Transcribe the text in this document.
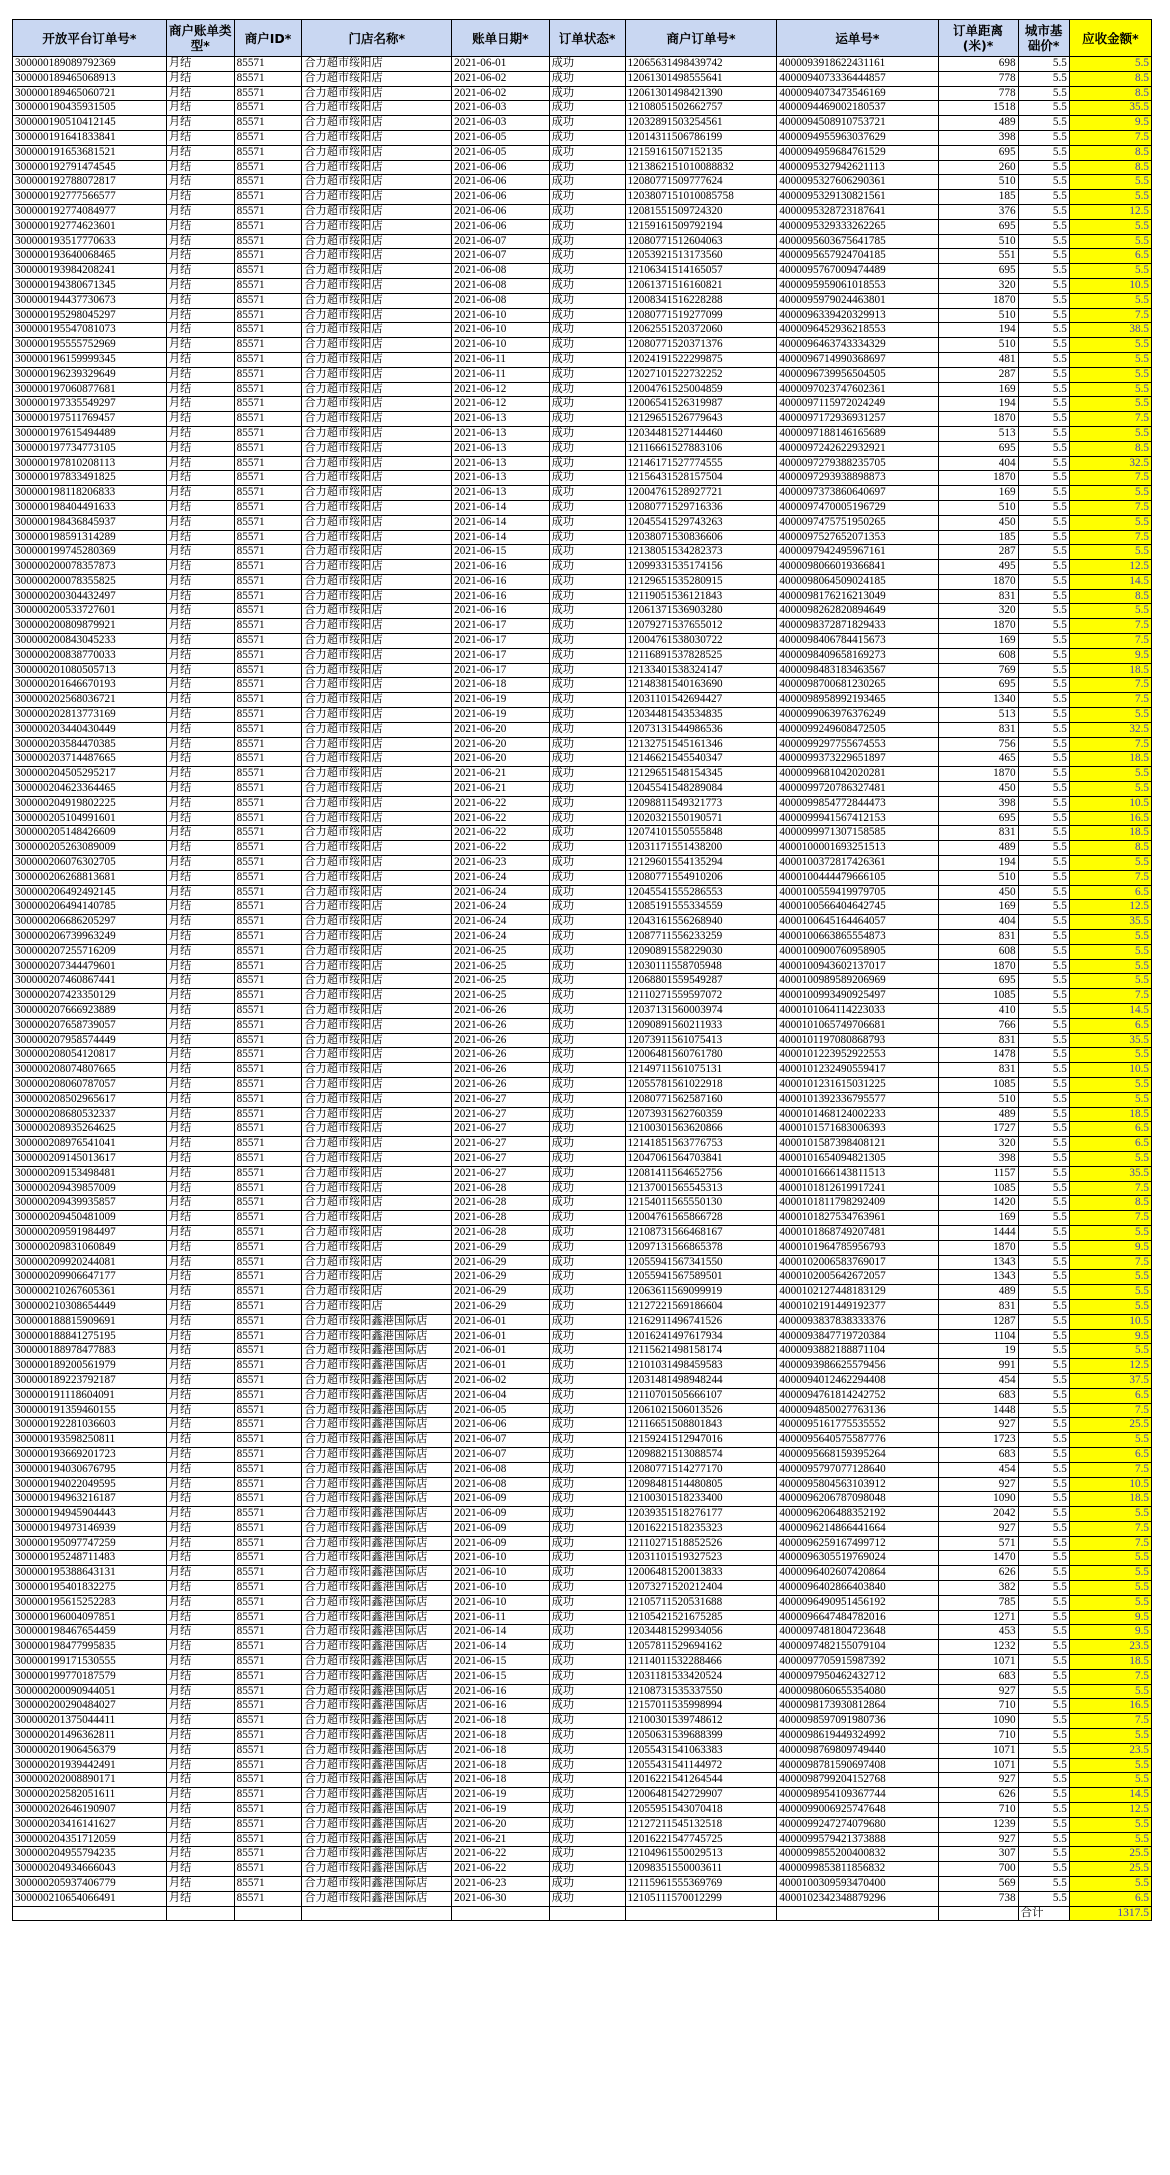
开放平台订单号*	商户账单类型*	商户ID*	门店名称*	账单日期*	订单状态*	商户订单号*	运单号*	订单距离(米)*	城市基础价*	应收金额*
300000189089792369	月结	85571	合力超市绥阳店	2021-06-01	成功	12065631498439742	4000093918622431161	698	5.5	5.5
300000189465068913	月结	85571	合力超市绥阳店	2021-06-02	成功	12061301498555641	4000094073336444857	778	5.5	8.5
300000189465060721	月结	85571	合力超市绥阳店	2021-06-02	成功	12061301498421390	4000094073473546169	778	5.5	8.5
300000190435931505	月结	85571	合力超市绥阳店	2021-06-03	成功	12108051502662757	4000094469002180537	1518	5.5	35.5
300000190510412145	月结	85571	合力超市绥阳店	2021-06-03	成功	12032891503254561	4000094508910753721	489	5.5	9.5
300000191641833841	月结	85571	合力超市绥阳店	2021-06-05	成功	12014311506786199	4000094955963037629	398	5.5	7.5
300000191653681521	月结	85571	合力超市绥阳店	2021-06-05	成功	12159161507152135	4000094959684761529	695	5.5	8.5
300000192791474545	月结	85571	合力超市绥阳店	2021-06-06	成功	1213862151010088832	4000095327942621113	260	5.5	8.5
300000192788072817	月结	85571	合力超市绥阳店	2021-06-06	成功	12080771509777624	4000095327606290361	510	5.5	5.5
300000192777566577	月结	85571	合力超市绥阳店	2021-06-06	成功	1203807151010085758	4000095329130821561	185	5.5	5.5
300000192774084977	月结	85571	合力超市绥阳店	2021-06-06	成功	12081551509724320	4000095328723187641	376	5.5	12.5
300000192774623601	月结	85571	合力超市绥阳店	2021-06-06	成功	12159161509792194	4000095329333262265	695	5.5	5.5
300000193517770633	月结	85571	合力超市绥阳店	2021-06-07	成功	12080771512604063	4000095603675641785	510	5.5	5.5
300000193640068465	月结	85571	合力超市绥阳店	2021-06-07	成功	12053921513173560	4000095657924704185	551	5.5	6.5
300000193984208241	月结	85571	合力超市绥阳店	2021-06-08	成功	12106341514165057	4000095767009474489	695	5.5	5.5
300000194380671345	月结	85571	合力超市绥阳店	2021-06-08	成功	12061371516160821	4000095959061018553	320	5.5	10.5
300000194437730673	月结	85571	合力超市绥阳店	2021-06-08	成功	12008341516228288	4000095979024463801	1870	5.5	5.5
300000195298045297	月结	85571	合力超市绥阳店	2021-06-10	成功	12080771519277099	4000096339420329913	510	5.5	7.5
300000195547081073	月结	85571	合力超市绥阳店	2021-06-10	成功	12062551520372060	4000096452936218553	194	5.5	38.5
300000195555752969	月结	85571	合力超市绥阳店	2021-06-10	成功	12080771520371376	4000096463743334329	510	5.5	5.5
300000196159999345	月结	85571	合力超市绥阳店	2021-06-11	成功	12024191522299875	4000096714990368697	481	5.5	5.5
300000196239329649	月结	85571	合力超市绥阳店	2021-06-11	成功	12027101522732252	4000096739956504505	287	5.5	5.5
300000197060877681	月结	85571	合力超市绥阳店	2021-06-12	成功	12004761525004859	4000097023747602361	169	5.5	5.5
300000197335549297	月结	85571	合力超市绥阳店	2021-06-12	成功	12006541526319987	4000097115972024249	194	5.5	5.5
300000197511769457	月结	85571	合力超市绥阳店	2021-06-13	成功	12129651526779643	4000097172936931257	1870	5.5	7.5
300000197615494489	月结	85571	合力超市绥阳店	2021-06-13	成功	12034481527144460	4000097188146165689	513	5.5	5.5
300000197734773105	月结	85571	合力超市绥阳店	2021-06-13	成功	12116661527883106	4000097242622932921	695	5.5	8.5
300000197810208113	月结	85571	合力超市绥阳店	2021-06-13	成功	12146171527774555	4000097279388235705	404	5.5	32.5
300000197833491825	月结	85571	合力超市绥阳店	2021-06-13	成功	12156431528157504	4000097293938898873	1870	5.5	7.5
300000198118206833	月结	85571	合力超市绥阳店	2021-06-13	成功	12004761528927721	4000097373860640697	169	5.5	5.5
300000198404491633	月结	85571	合力超市绥阳店	2021-06-14	成功	12080771529716336	4000097470005196729	510	5.5	7.5
300000198436845937	月结	85571	合力超市绥阳店	2021-06-14	成功	12045541529743263	4000097475751950265	450	5.5	5.5
300000198591314289	月结	85571	合力超市绥阳店	2021-06-14	成功	12038071530836606	4000097527652071353	185	5.5	7.5
300000199745280369	月结	85571	合力超市绥阳店	2021-06-15	成功	12138051534282373	4000097942495967161	287	5.5	5.5
300000200078357873	月结	85571	合力超市绥阳店	2021-06-16	成功	12099331535174156	4000098066019366841	495	5.5	12.5
300000200078355825	月结	85571	合力超市绥阳店	2021-06-16	成功	12129651535280915	4000098064509024185	1870	5.5	14.5
300000200304432497	月结	85571	合力超市绥阳店	2021-06-16	成功	12119051536121843	4000098176216213049	831	5.5	8.5
300000200533727601	月结	85571	合力超市绥阳店	2021-06-16	成功	12061371536903280	4000098262820894649	320	5.5	5.5
300000200809879921	月结	85571	合力超市绥阳店	2021-06-17	成功	12079271537655012	4000098372871829433	1870	5.5	7.5
300000200843045233	月结	85571	合力超市绥阳店	2021-06-17	成功	12004761538030722	4000098406784415673	169	5.5	7.5
300000200838770033	月结	85571	合力超市绥阳店	2021-06-17	成功	12116891537828525	4000098409658169273	608	5.5	9.5
300000201080505713	月结	85571	合力超市绥阳店	2021-06-17	成功	12133401538324147	4000098483183463567	769	5.5	18.5
300000201646670193	月结	85571	合力超市绥阳店	2021-06-18	成功	12148381540163690	4000098700681230265	695	5.5	7.5
300000202568036721	月结	85571	合力超市绥阳店	2021-06-19	成功	12031101542694427	4000098958992193465	1340	5.5	7.5
300000202813773169	月结	85571	合力超市绥阳店	2021-06-19	成功	12034481543534835	4000099063976376249	513	5.5	5.5
300000203440430449	月结	85571	合力超市绥阳店	2021-06-20	成功	12073131544986536	4000099249608472505	831	5.5	32.5
300000203584470385	月结	85571	合力超市绥阳店	2021-06-20	成功	12132751545161346	4000099297755674553	756	5.5	7.5
300000203714487665	月结	85571	合力超市绥阳店	2021-06-20	成功	12146621545540347	4000099373229651897	465	5.5	18.5
300000204505295217	月结	85571	合力超市绥阳店	2021-06-21	成功	12129651548154345	4000099681042020281	1870	5.5	5.5
300000204623364465	月结	85571	合力超市绥阳店	2021-06-21	成功	12045541548289084	4000099720786327481	450	5.5	5.5
300000204919802225	月结	85571	合力超市绥阳店	2021-06-22	成功	12098811549321773	4000099854772844473	398	5.5	10.5
300000205104991601	月结	85571	合力超市绥阳店	2021-06-22	成功	12020321550190571	4000099941567412153	695	5.5	16.5
300000205148426609	月结	85571	合力超市绥阳店	2021-06-22	成功	12074101550555848	4000099971307158585	831	5.5	18.5
300000205263089009	月结	85571	合力超市绥阳店	2021-06-22	成功	12031171551438200	4000100001693251513	489	5.5	8.5
300000206076302705	月结	85571	合力超市绥阳店	2021-06-23	成功	12129601554135294	4000100372817426361	194	5.5	5.5
300000206268813681	月结	85571	合力超市绥阳店	2021-06-24	成功	12080771554910206	4000100444479666105	510	5.5	7.5
300000206492492145	月结	85571	合力超市绥阳店	2021-06-24	成功	12045541555286553	4000100559419979705	450	5.5	6.5
300000206494140785	月结	85571	合力超市绥阳店	2021-06-24	成功	12085191555334559	4000100566404642745	169	5.5	12.5
300000206686205297	月结	85571	合力超市绥阳店	2021-06-24	成功	12043161556268940	4000100645164464057	404	5.5	35.5
300000206739963249	月结	85571	合力超市绥阳店	2021-06-24	成功	12087711556233259	4000100663865554873	831	5.5	5.5
300000207255716209	月结	85571	合力超市绥阳店	2021-06-25	成功	12090891558229030	4000100900760958905	608	5.5	5.5
300000207344479601	月结	85571	合力超市绥阳店	2021-06-25	成功	12030111558705948	4000100943602137017	1870	5.5	5.5
300000207460867441	月结	85571	合力超市绥阳店	2021-06-25	成功	12068801559549287	4000100989589206969	695	5.5	5.5
300000207423350129	月结	85571	合力超市绥阳店	2021-06-25	成功	12110271559597072	4000100993490925497	1085	5.5	7.5
300000207666923889	月结	85571	合力超市绥阳店	2021-06-26	成功	12037131560003974	4000101064114223033	410	5.5	14.5
300000207658739057	月结	85571	合力超市绥阳店	2021-06-26	成功	12090891560211933	4000101065749706681	766	5.5	6.5
300000207958574449	月结	85571	合力超市绥阳店	2021-06-26	成功	12073911561075413	4000101197080868793	831	5.5	35.5
300000208054120817	月结	85571	合力超市绥阳店	2021-06-26	成功	12006481560761780	4000101223952922553	1478	5.5	5.5
300000208074807665	月结	85571	合力超市绥阳店	2021-06-26	成功	12149711561075131	4000101232490559417	831	5.5	10.5
300000208060787057	月结	85571	合力超市绥阳店	2021-06-26	成功	12055781561022918	4000101231615031225	1085	5.5	5.5
300000208502965617	月结	85571	合力超市绥阳店	2021-06-27	成功	12080771562587160	4000101392336795577	510	5.5	5.5
300000208680532337	月结	85571	合力超市绥阳店	2021-06-27	成功	12073931562760359	4000101468124002233	489	5.5	18.5
300000208935264625	月结	85571	合力超市绥阳店	2021-06-27	成功	12100301563620866	4000101571683006393	1727	5.5	6.5
300000208976541041	月结	85571	合力超市绥阳店	2021-06-27	成功	12141851563776753	4000101587398408121	320	5.5	6.5
300000209145013617	月结	85571	合力超市绥阳店	2021-06-27	成功	12047061564703841	4000101654094821305	398	5.5	5.5
300000209153498481	月结	85571	合力超市绥阳店	2021-06-27	成功	12081411564652756	4000101666143811513	1157	5.5	35.5
300000209439857009	月结	85571	合力超市绥阳店	2021-06-28	成功	12137001565545313	4000101812619917241	1085	5.5	7.5
300000209439935857	月结	85571	合力超市绥阳店	2021-06-28	成功	12154011565550130	4000101811798292409	1420	5.5	8.5
300000209450481009	月结	85571	合力超市绥阳店	2021-06-28	成功	12004761565866728	4000101827534763961	169	5.5	7.5
300000209591984497	月结	85571	合力超市绥阳店	2021-06-28	成功	12108731566468167	4000101868749207481	1444	5.5	5.5
300000209831060849	月结	85571	合力超市绥阳店	2021-06-29	成功	12097131566865378	4000101964785956793	1870	5.5	9.5
300000209920244081	月结	85571	合力超市绥阳店	2021-06-29	成功	12055941567341550	4000102006583769017	1343	5.5	7.5
300000209906647177	月结	85571	合力超市绥阳店	2021-06-29	成功	12055941567589501	4000102005642672057	1343	5.5	5.5
300000210267605361	月结	85571	合力超市绥阳店	2021-06-29	成功	12063611569099919	4000102127448183129	489	5.5	5.5
300000210308654449	月结	85571	合力超市绥阳店	2021-06-29	成功	12127221569186604	4000102191449192377	831	5.5	5.5
300000188815909691	月结	85571	合力超市绥阳鑫港国际店	2021-06-01	成功	12162911496741526	4000093837838333376	1287	5.5	10.5
300000188841275195	月结	85571	合力超市绥阳鑫港国际店	2021-06-01	成功	12016241497617934	4000093847719720384	1104	5.5	9.5
300000188978477883	月结	85571	合力超市绥阳鑫港国际店	2021-06-01	成功	12115621498158174	4000093882188871104	19	5.5	5.5
300000189200561979	月结	85571	合力超市绥阳鑫港国际店	2021-06-01	成功	12101031498459583	4000093986625579456	991	5.5	12.5
300000189223792187	月结	85571	合力超市绥阳鑫港国际店	2021-06-02	成功	12031481498948244	4000094012462294408	454	5.5	37.5
300000191118604091	月结	85571	合力超市绥阳鑫港国际店	2021-06-04	成功	12110701505666107	4000094761814242752	683	5.5	6.5
300000191359460155	月结	85571	合力超市绥阳鑫港国际店	2021-06-05	成功	12061021506013526	4000094850027763136	1448	5.5	7.5
300000192281036603	月结	85571	合力超市绥阳鑫港国际店	2021-06-06	成功	12116651508801843	4000095161775535552	927	5.5	25.5
300000193598250811	月结	85571	合力超市绥阳鑫港国际店	2021-06-07	成功	12159241512947016	4000095640575587776	1723	5.5	5.5
300000193669201723	月结	85571	合力超市绥阳鑫港国际店	2021-06-07	成功	12098821513088574	4000095668159395264	683	5.5	6.5
300000194030676795	月结	85571	合力超市绥阳鑫港国际店	2021-06-08	成功	12080771514277170	4000095797077128640	454	5.5	7.5
300000194022049595	月结	85571	合力超市绥阳鑫港国际店	2021-06-08	成功	12098481514480805	4000095804563103912	927	5.5	10.5
300000194963216187	月结	85571	合力超市绥阳鑫港国际店	2021-06-09	成功	12100301518233400	4000096206787098048	1090	5.5	18.5
300000194945904443	月结	85571	合力超市绥阳鑫港国际店	2021-06-09	成功	12039351518276177	4000096206488352192	2042	5.5	5.5
300000194973146939	月结	85571	合力超市绥阳鑫港国际店	2021-06-09	成功	12016221518235323	4000096214866441664	927	5.5	7.5
300000195097747259	月结	85571	合力超市绥阳鑫港国际店	2021-06-09	成功	12110271518852526	4000096259167499712	571	5.5	7.5
300000195248711483	月结	85571	合力超市绥阳鑫港国际店	2021-06-10	成功	12031101519327523	4000096305519769024	1470	5.5	5.5
300000195388643131	月结	85571	合力超市绥阳鑫港国际店	2021-06-10	成功	12006481520013833	4000096402607420864	626	5.5	5.5
300000195401832275	月结	85571	合力超市绥阳鑫港国际店	2021-06-10	成功	12073271520212404	4000096402866403840	382	5.5	5.5
300000195615252283	月结	85571	合力超市绥阳鑫港国际店	2021-06-10	成功	12105711520531688	4000096490951456192	785	5.5	5.5
300000196004097851	月结	85571	合力超市绥阳鑫港国际店	2021-06-11	成功	12105421521675285	4000096647484782016	1271	5.5	9.5
300000198467654459	月结	85571	合力超市绥阳鑫港国际店	2021-06-14	成功	12034481529934056	4000097481804723648	453	5.5	9.5
300000198477995835	月结	85571	合力超市绥阳鑫港国际店	2021-06-14	成功	12057811529694162	4000097482155079104	1232	5.5	23.5
300000199171530555	月结	85571	合力超市绥阳鑫港国际店	2021-06-15	成功	12114011532288466	4000097705915987392	1071	5.5	18.5
300000199770187579	月结	85571	合力超市绥阳鑫港国际店	2021-06-15	成功	12031181533420524	4000097950462432712	683	5.5	7.5
300000200090944051	月结	85571	合力超市绥阳鑫港国际店	2021-06-16	成功	12108731535337550	4000098060655354080	927	5.5	5.5
300000200290484027	月结	85571	合力超市绥阳鑫港国际店	2021-06-16	成功	12157011535998994	4000098173930812864	710	5.5	16.5
300000201375044411	月结	85571	合力超市绥阳鑫港国际店	2021-06-18	成功	12100301539748612	4000098597091980736	1090	5.5	7.5
300000201496362811	月结	85571	合力超市绥阳鑫港国际店	2021-06-18	成功	12050631539688399	4000098619449324992	710	5.5	5.5
300000201906456379	月结	85571	合力超市绥阳鑫港国际店	2021-06-18	成功	12055431541063383	4000098769809749440	1071	5.5	23.5
300000201939442491	月结	85571	合力超市绥阳鑫港国际店	2021-06-18	成功	12055431541144972	4000098781590697408	1071	5.5	5.5
300000202008890171	月结	85571	合力超市绥阳鑫港国际店	2021-06-18	成功	12016221541264544	4000098799204152768	927	5.5	5.5
300000202582051611	月结	85571	合力超市绥阳鑫港国际店	2021-06-19	成功	12006481542729907	4000098954109367744	626	5.5	14.5
300000202646190907	月结	85571	合力超市绥阳鑫港国际店	2021-06-19	成功	12055951543070418	4000099006925747648	710	5.5	12.5
300000203416141627	月结	85571	合力超市绥阳鑫港国际店	2021-06-20	成功	12127211545132518	4000099247274079680	1239	5.5	5.5
300000204351712059	月结	85571	合力超市绥阳鑫港国际店	2021-06-21	成功	12016221547745725	4000099579421373888	927	5.5	5.5
300000204955794235	月结	85571	合力超市绥阳鑫港国际店	2021-06-22	成功	12104961550029513	4000099855200400832	307	5.5	25.5
300000204934666043	月结	85571	合力超市绥阳鑫港国际店	2021-06-22	成功	12098351550003611	4000099853811856832	700	5.5	25.5
300000205937406779	月结	85571	合力超市绥阳鑫港国际店	2021-06-23	成功	12115961555369769	4000100309593470400	569	5.5	5.5
300000210654066491	月结	85571	合力超市绥阳鑫港国际店	2021-06-30	成功	12105111570012299	4000102342348879296	738	5.5	6.5
									合计	1317.5
